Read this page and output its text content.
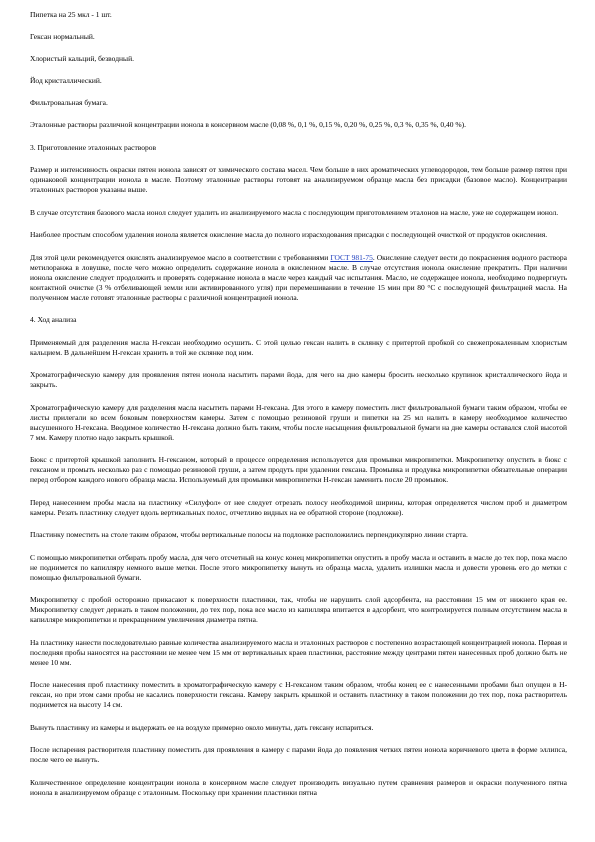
Пипетка на 25 мкл - 1 шт.

Гексан нормальный.

Хлористый кальций, безводный.

Йод кристаллический.

Фильтровальная бумага.

Эталонные растворы различной концентрации ионола в консервном масле (0,08 %, 0,1 %, 0,15 %, 0,20 %, 0,25 %, 0,3 %, 0,35 %, 0,40 %).

3. Приготовление эталонных растворов

Размер и интенсивность окраски пятен ионола зависят от химического состава масел. Чем больше в них ароматических углеводородов, тем больше размер пятен при одинаковой концентрации ионола в масле. Поэтому эталонные растворы готовят на анализируемом образце масла без присадки (базовое масло). Концентрации эталонных растворов указаны выше.

В случае отсутствия базового масла ионол следует удалить из анализируемого масла с последующим приготовлением эталонов на масле, уже не содержащем ионол.

Наиболее простым способом удаления ионола является окисление масла до полного израсходования присадки с последующей очисткой от продуктов окисления.

Для этой цели рекомендуется окислять анализируемое масло в соответствии с требованиями ГОСТ 981-75. Окисление следует вести до покраснения водного раствора метилоранжа в ловушке, после чего можно определить содержание ионола в окисленном масле. В случае отсутствия ионола окисление прекратить. При наличии ионола окисление следует продолжить и проверять содержание ионола в масле через каждый час испытания. Масло, не содержащее ионола, необходимо подвергнуть контактной очистке (3 % отбеливающей земли или активированного угля) при перемешивании в течение 15 мин при 80 °С с последующей фильтрацией масла. На полученном масле готовят эталонные растворы с различной концентрацией ионола.

4. Ход анализа

Применяемый для разделения масла Н-гексан необходимо осушить. С этой целью гексан налить в склянку с притертой пробкой со свежепрокаленным хлористым кальцием. В дальнейшем Н-гексан хранить в той же склянке под ним.

Хроматографическую камеру для проявления пятен ионола насытить парами йода, для чего на дно камеры бросить несколько крупинок кристаллического йода и закрыть.

Хроматографическую камеру для разделения масла насытить парами Н-гексана. Для этого в камеру поместить лист фильтровальной бумаги таким образом, чтобы ее листы прилегали ко всем боковым поверхностям камеры. Затем с помощью резиновой груши и пипетки на 25 мл налить в камеру необходимое количество высушенного Н-гексана. Вводимое количество Н-гексана должно быть таким, чтобы после насыщения фильтровальной бумаги на дне камеры оставался слой высотой 7 мм. Камеру плотно надо закрыть крышкой.

Бюкс с притертой крышкой заполнить Н-гексаном, который в процессе определения используется для промывки микропипетки. Микропипетку опустить в бюкс с гексаном и промыть несколько раз с помощью резиновой груши, а затем продуть при удалении гексана. Промывка и продувка микропипетки обязательные операции перед отбором каждого нового образца масла. Используемый для промывки микропипетки Н-гексан заменить после 20 промывок.

Перед нанесением пробы масла на пластинку «Силуфол» от нее следует отрезать полосу необходимой ширины, которая определяется числом проб и диаметром камеры. Резать пластинку следует вдоль вертикальных полос, отчетливо видных на ее обратной стороне (подложке).

Пластинку поместить на столе таким образом, чтобы вертикальные полосы на подложке расположились перпендикулярно линии старта.

С помощью микропипетки отбирать пробу масла, для чего отсчетный на конус конец микропипетки опустить в пробу масла и оставить в масле до тех пор, пока масло не поднимется по капилляру немного выше метки. После этого микропипетку вынуть из образца масла, удалить излишки масла и довести уровень его до метки с помощью фильтровальной бумаги.

Микропипетку с пробой осторожно прикасают к поверхности пластинки, так, чтобы не нарушить слой адсорбента, на расстоянии 15 мм от нижнего края ее. Микропипетку следует держать в таком положении, до тех пор, пока все масло из капилляра впитается в адсорбент, что контролируется полным отсутствием масла в капилляре микропипетки и прекращением увеличения диаметра пятна.

На пластинку нанести последовательно равные количества анализируемого масла и эталонных растворов с постепенно возрастающей концентрацией ионола. Первая и последняя пробы наносятся на расстоянии не менее чем 15 мм от вертикальных краев пластинки, расстояние между центрами пятен нанесенных проб должно быть не менее 10 мм.

После нанесения проб пластинку поместить в хроматографическую камеру с Н-гексаном таким образом, чтобы конец ее с нанесенными пробами был опущен в Н-гексан, но при этом сами пробы не касались поверхности гексана. Камеру закрыть крышкой и оставить пластинку в таком положении до тех пор, пока растворитель поднимется на высоту 14 см.

Вынуть пластинку из камеры и выдержать ее на воздухе примерно около минуты, дать гексану испариться.

После испарения растворителя пластинку поместить для проявления в камеру с парами йода до появления четких пятен ионола коричневого цвета в форме эллипса, после чего ее вынуть.

Количественное определение концентрации ионола в консервном масле следует производить визуально путем сравнения размеров и окраски полученного пятна ионола в анализируемом образце с эталонным. Поскольку при хранении пластинки пятна
